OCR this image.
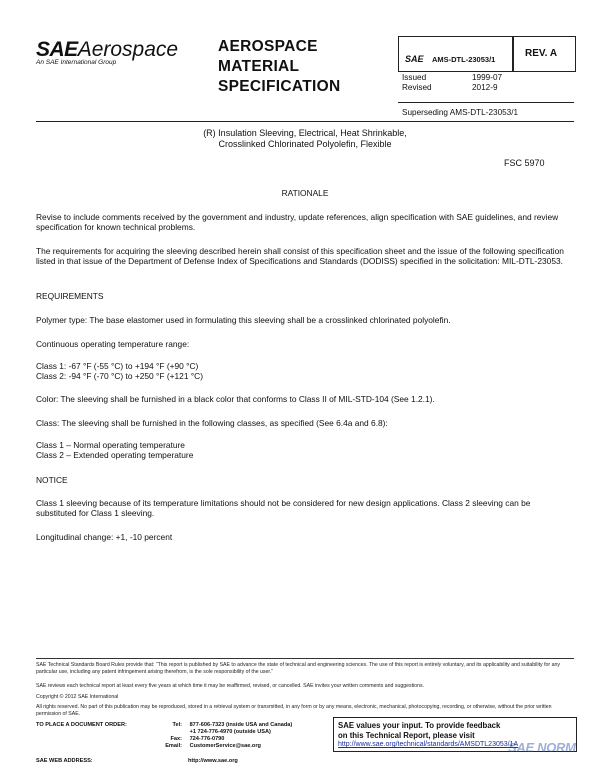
SAEAerospace
An SAE International Group
AEROSPACE
MATERIAL
SPECIFICATION
SAE AMS-DTL-23053/1
REV. A
Issued	1999-07
Revised	2012-9
Superseding AMS-DTL-23053/1
(R) Insulation Sleeving, Electrical, Heat Shrinkable,
Crosslinked Chlorinated Polyolefin, Flexible
FSC 5970
RATIONALE
Revise to include comments received by the government and industry, update references, align specification with SAE guidelines, and review specification for known technical problems.
The requirements for acquiring the sleeving described herein shall consist of this specification sheet and the issue of the following specification listed in that issue of the Department of Defense Index of Specifications and Standards (DODISS) specified in the solicitation: MIL-DTL-23053.
REQUIREMENTS
Polymer type: The base elastomer used in formulating this sleeving shall be a crosslinked chlorinated polyolefin.
Continuous operating temperature range:
Class 1: -67 °F (-55 °C) to +194 °F (+90 °C)
Class 2: -94 °F (-70 °C) to +250 °F (+121 °C)
Color: The sleeving shall be furnished in a black color that conforms to Class II of MIL-STD-104 (See 1.2.1).
Class: The sleeving shall be furnished in the following classes, as specified (See 6.4a and 6.8):
Class 1 – Normal operating temperature
Class 2 – Extended operating temperature
NOTICE
Class 1 sleeving because of its temperature limitations should not be considered for new design applications. Class 2 sleeving can be substituted for Class 1 sleeving.
Longitudinal change: +1, -10 percent
SAE Technical Standards Board Rules provide that: “This report is published by SAE to advance the state of technical and engineering sciences. The use of this report is entirely voluntary, and its applicability and suitability for any particular use, including any patent infringement arising therefrom, is the sole responsibility of the user.”
SAE reviews each technical report at least every five years at which time it may be reaffirmed, revised, or cancelled. SAE invites your written comments and suggestions.
Copyright © 2012 SAE International
All rights reserved. No part of this publication may be reproduced, stored in a retrieval system or transmitted, in any form or by any means, electronic, mechanical, photocopying, recording, or otherwise, without the prior written permission of SAE.
TO PLACE A DOCUMENT ORDER:	Tel: 877-606-7323 (inside USA and Canada)
+1 724-776-4970 (outside USA)
Fax: 724-776-0790
Email: CustomerService@sae.org
SAE WEB ADDRESS:	http://www.sae.org
SAE values your input. To provide feedback
on this Technical Report, please visit
http://www.sae.org/technical/standards/AMSDTL23053/1A
SAE NORM
